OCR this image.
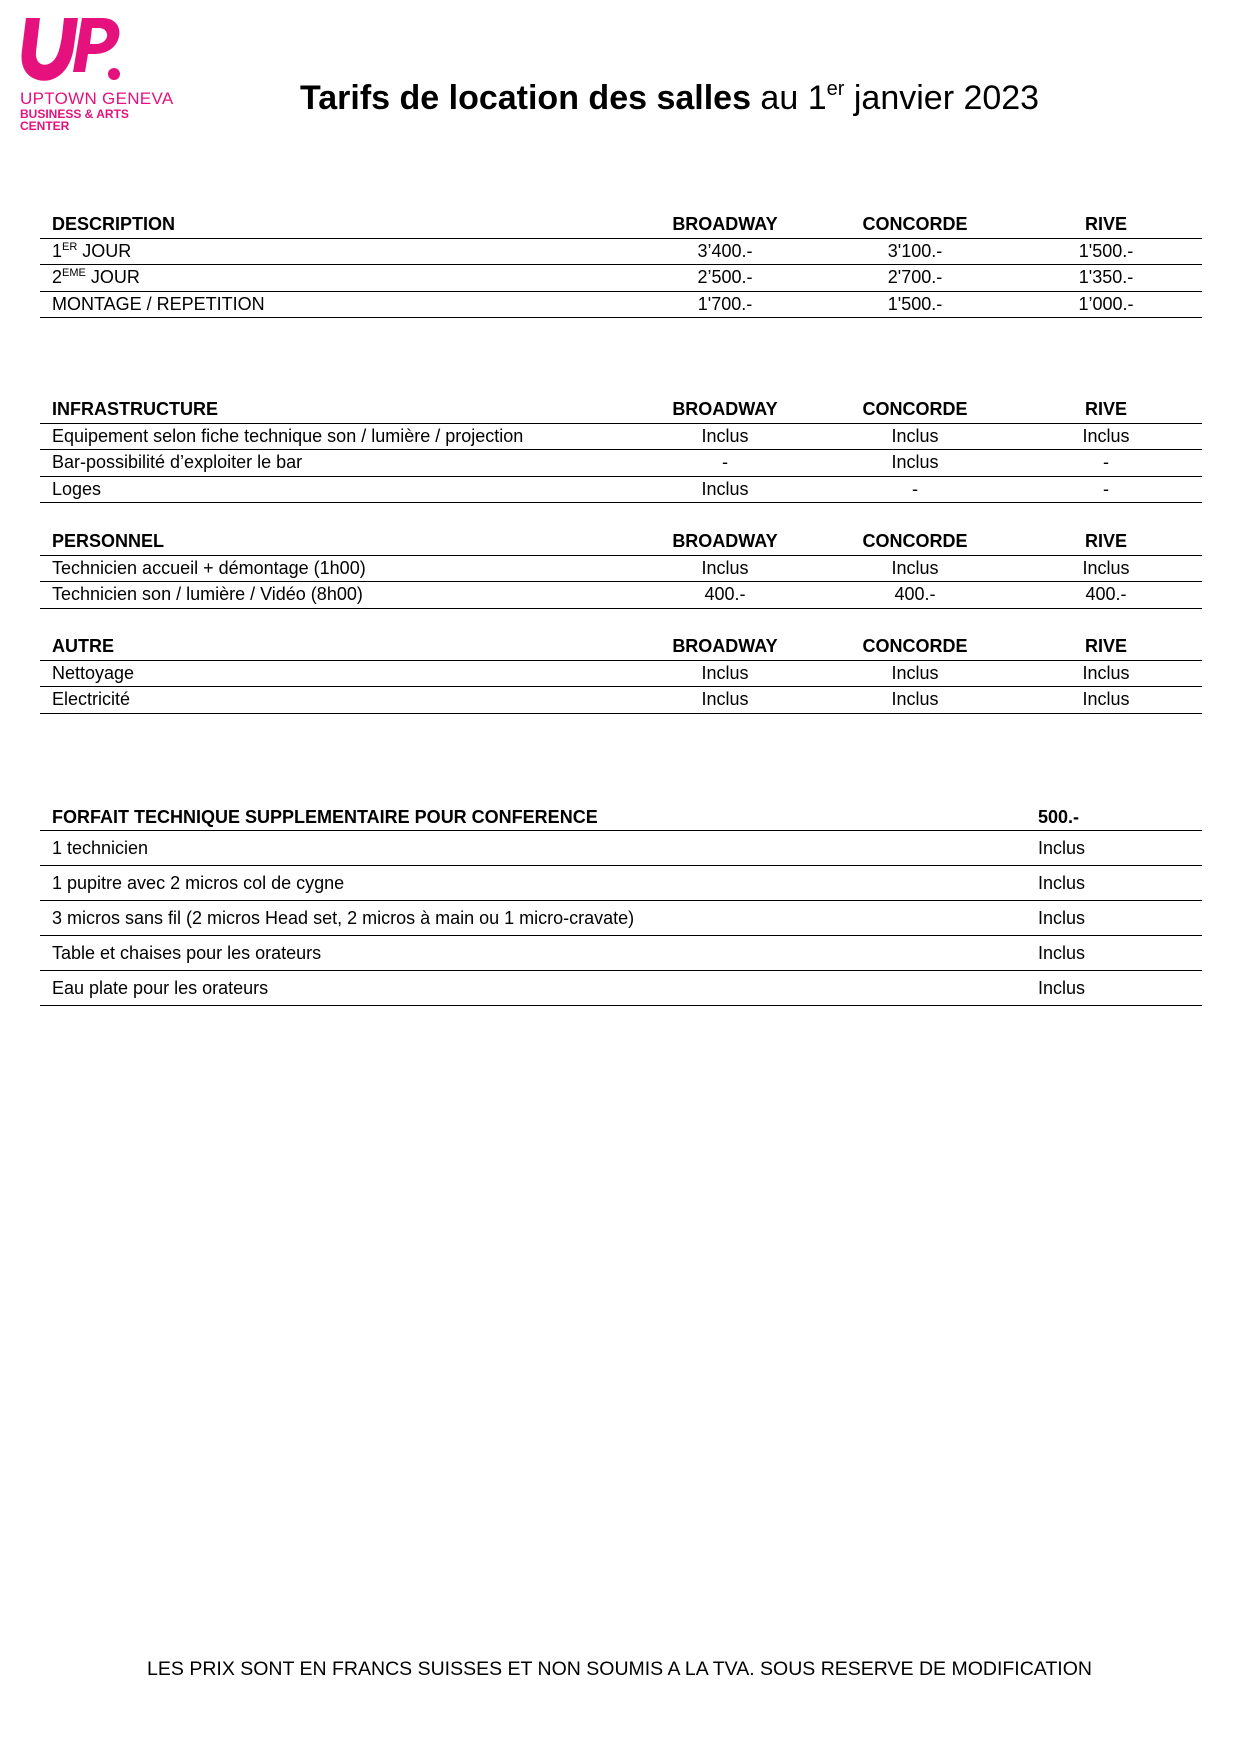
UPTOWN GENEVA
BUSINESS & ARTS
CENTER
Tarifs de location des salles au 1er janvier 2023
DESCRIPTION	BROADWAY	CONCORDE	RIVE
1ER JOUR	3’400.-	3'100.-	1'500.-
2EME JOUR	2’500.-	2'700.-	1'350.-
MONTAGE / REPETITION	1'700.-	1'500.-	1’000.-
INFRASTRUCTURE	BROADWAY	CONCORDE	RIVE
Equipement selon fiche technique son / lumière / projection	Inclus	Inclus	Inclus
Bar-possibilité d’exploiter le bar	-	Inclus	-
Loges	Inclus	-	-
PERSONNEL	BROADWAY	CONCORDE	RIVE
Technicien accueil + démontage (1h00)	Inclus	Inclus	Inclus
Technicien son / lumière / Vidéo (8h00)	400.-	400.-	400.-
AUTRE	BROADWAY	CONCORDE	RIVE
Nettoyage	Inclus	Inclus	Inclus
Electricité	Inclus	Inclus	Inclus
FORFAIT TECHNIQUE SUPPLEMENTAIRE POUR CONFERENCE	500.-
1 technicien	Inclus
1 pupitre avec 2 micros col de cygne	Inclus
3 micros sans fil (2 micros Head set, 2 micros à main ou 1 micro-cravate)	Inclus
Table et chaises pour les orateurs	Inclus
Eau plate pour les orateurs	Inclus
LES PRIX SONT EN FRANCS SUISSES ET NON SOUMIS A LA TVA. SOUS RESERVE DE MODIFICATION
